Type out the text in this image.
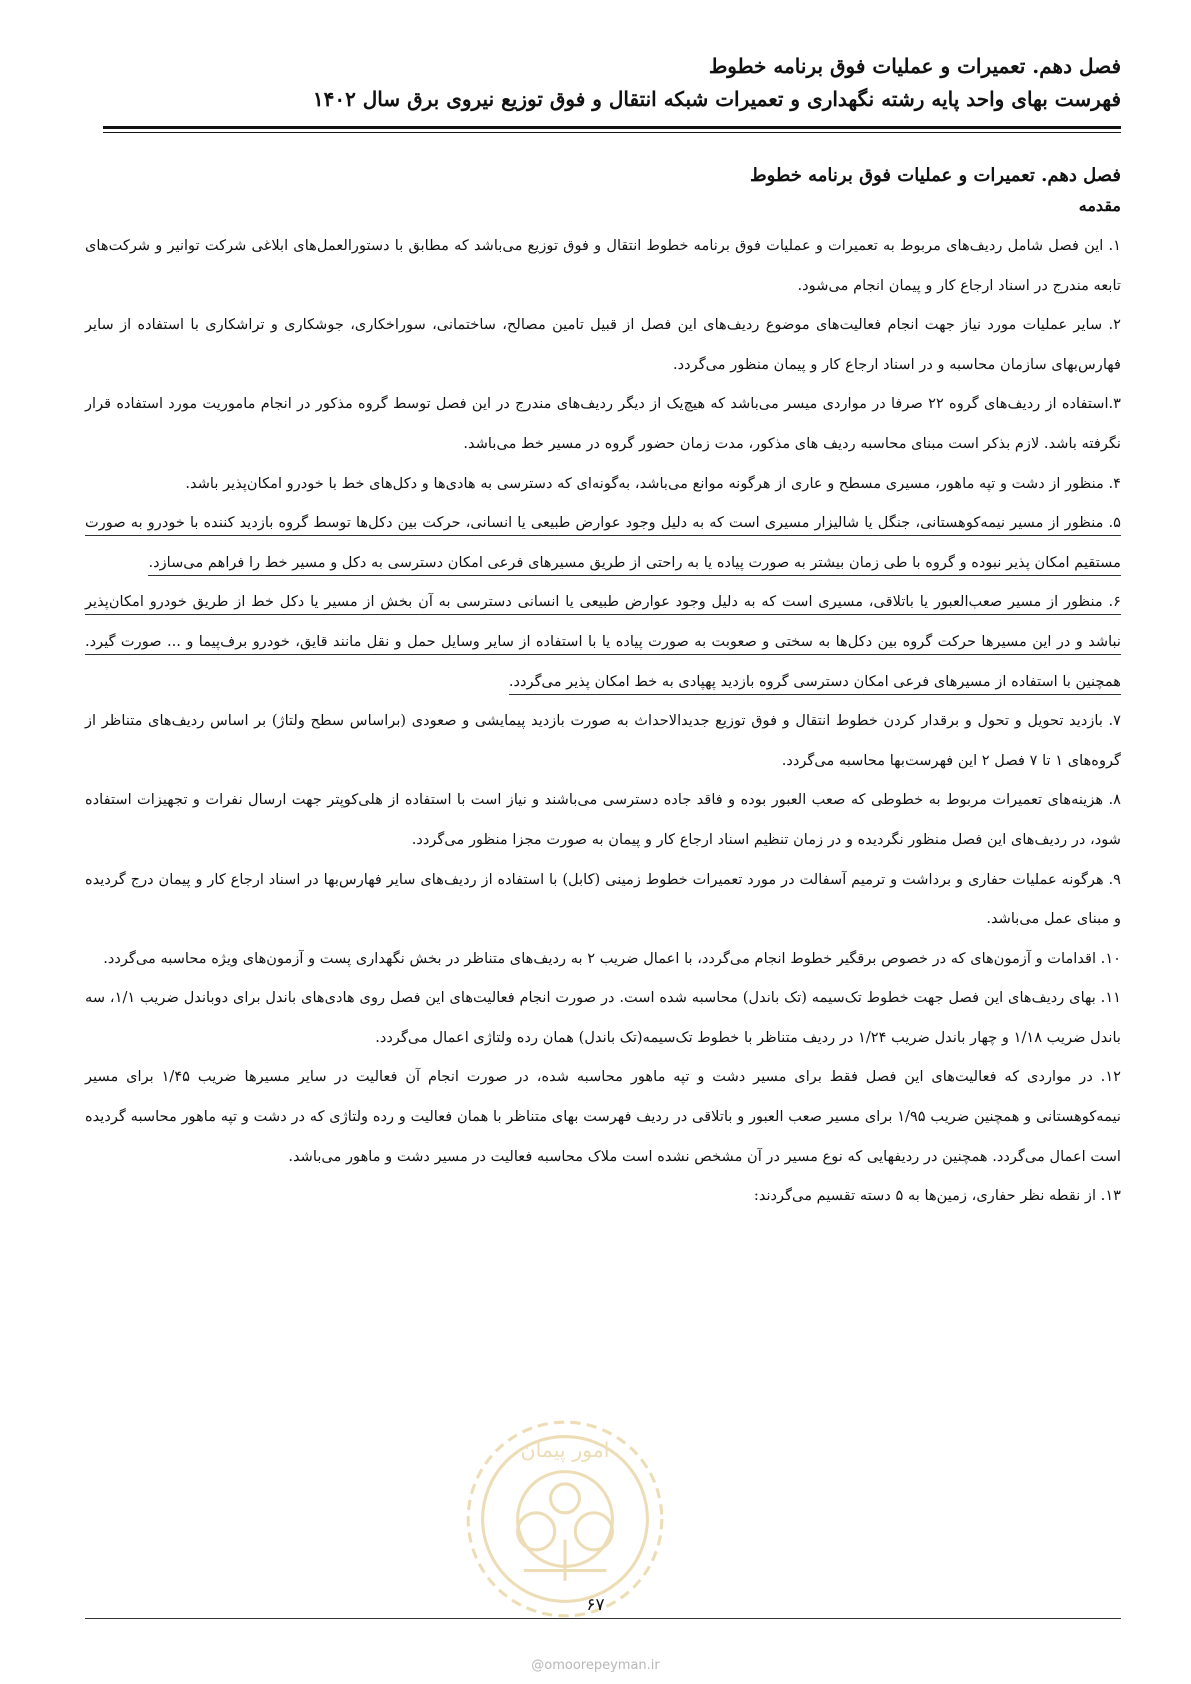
فصل دهم. تعمیرات و عملیات فوق برنامه خطوط
فهرست بهای واحد پایه رشته نگهداری و تعمیرات شبکه انتقال و فوق توزیع نیروی برق سال ۱۴۰۲
فصل دهم. تعمیرات و عملیات فوق برنامه خطوط
مقدمه

۱. این فصل شامل ردیف‌های مربوط به تعمیرات و عملیات فوق برنامه خطوط انتقال و فوق توزیع می‌باشد که مطابق با دستورالعمل‌های ابلاغی شرکت توانیر و شرکت‌های تابعه مندرج در اسناد ارجاع کار و پیمان انجام می‌شود.

۲. سایر عملیات مورد نیاز جهت انجام فعالیت‌های موضوع ردیف‌های این فصل از قبیل تامین مصالح، ساختمانی، سوراخکاری، جوشکاری و تراشکاری با استفاده از سایر فهارس‌بهای سازمان محاسبه و در اسناد ارجاع کار و پیمان منظور می‌گردد.

۳.استفاده از ردیف‌های گروه ۲۲ صرفا در مواردی میسر می‌باشد که هیچ‌یک از دیگر ردیف‌های مندرج در این فصل توسط گروه مذکور در انجام ماموریت مورد استفاده قرار نگرفته باشد. لازم بذکر است مبنای محاسبه ردیف های مذکور، مدت زمان حضور گروه در مسیر خط می‌باشد.

۴. منظور از دشت و تپه ماهور، مسیری مسطح و عاری از هرگونه موانع می‌باشد، به‌گونه‌ای که دسترسی به هادی‌ها و دکل‌های خط با خودرو امکان‌پذیر باشد.

۵. منظور از مسیر نیمه‌کوهستانی، جنگل یا شالیزار مسیری است که به دلیل وجود عوارض طبیعی یا انسانی، حرکت بین دکل‌ها توسط گروه بازدید کننده با خودرو به صورت مستقیم امکان پذیر نبوده و گروه با طی زمان بیشتر به صورت پیاده یا به راحتی از طریق مسیرهای فرعی امکان دسترسی به دکل و مسیر خط را فراهم می‌سازد.

۶. منظور از مسیر صعب‌العبور یا باتلاقی، مسیری است که به دلیل وجود عوارض طبیعی یا انسانی دسترسی به آن بخش از مسیر یا دکل خط از طریق خودرو امکان‌پذیر نباشد و در این مسیرها حرکت گروه بین دکل‌ها به سختی و صعوبت به صورت پیاده یا با استفاده از سایر وسایل حمل و نقل مانند قایق، خودرو برف‌پیما و ... صورت گیرد. همچنین با استفاده از مسیرهای فرعی امکان دسترسی گروه بازدید پهپادی به خط امکان پذیر می‌گردد.

۷. بازدید تحویل و تحول و برقدار کردن خطوط انتقال و فوق توزیع جدیدالاحداث به صورت بازدید پیمایشی و صعودی (براساس سطح ولتاژ) بر اساس ردیف‌های متناظر از گروه‌های ۱ تا ۷ فصل ۲ این فهرست‌بها محاسبه می‌گردد.

۸. هزینه‌های تعمیرات مربوط به خطوطی که صعب العبور بوده و فاقد جاده دسترسی می‌باشند و نیاز است با استفاده از هلی‌کوپتر جهت ارسال نفرات و تجهیزات استفاده شود، در ردیف‌های این فصل منظور نگردیده و در زمان تنظیم اسناد ارجاع کار و پیمان به صورت مجزا منظور می‌گردد.

۹. هرگونه عملیات حفاری و برداشت و ترمیم آسفالت در مورد تعمیرات خطوط زمینی (کابل) با استفاده از ردیف‌های سایر فهارس‌بها در اسناد ارجاع کار و پیمان درج گردیده و مبنای عمل می‌باشد.

۱۰. اقدامات و آزمون‌های که در خصوص برقگیر خطوط انجام می‌گردد، با اعمال ضریب ۲ به ردیف‌های متناظر در بخش نگهداری پست و آزمون‌های ویژه محاسبه می‌گردد.

۱۱. بهای ردیف‌های این فصل جهت خطوط تک‌سیمه (تک باندل) محاسبه شده است. در صورت انجام فعالیت‌های این فصل روی هادی‌های باندل برای دوباندل ضریب ۱/۱، سه باندل ضریب ۱/۱۸ و چهار باندل ضریب ۱/۲۴ در ردیف متناظر با خطوط تک‌سیمه(تک باندل) همان رده ولتاژی اعمال می‌گردد.

۱۲. در مواردی که فعالیت‌های این فصل فقط برای مسیر دشت و تپه ماهور محاسبه شده، در صورت انجام آن فعالیت در سایر مسیرها ضریب ۱/۴۵ برای مسیر نیمه‌کوهستانی و همچنین ضریب ۱/۹۵ برای مسیر صعب العبور و باتلاقی در ردیف فهرست بهای متناظر با همان فعالیت و رده ولتاژی که در دشت و تپه ماهور محاسبه گردیده است اعمال می‌گردد. همچنین در ردیفهایی که نوع مسیر در آن مشخص نشده است ملاک محاسبه فعالیت در مسیر دشت و ماهور می‌باشد.

۱۳. از نقطه نظر حفاری، زمین‌ها به ۵ دسته تقسیم می‌گردند:

امور پیمان
۶۷
@omoorepeyman.ir
